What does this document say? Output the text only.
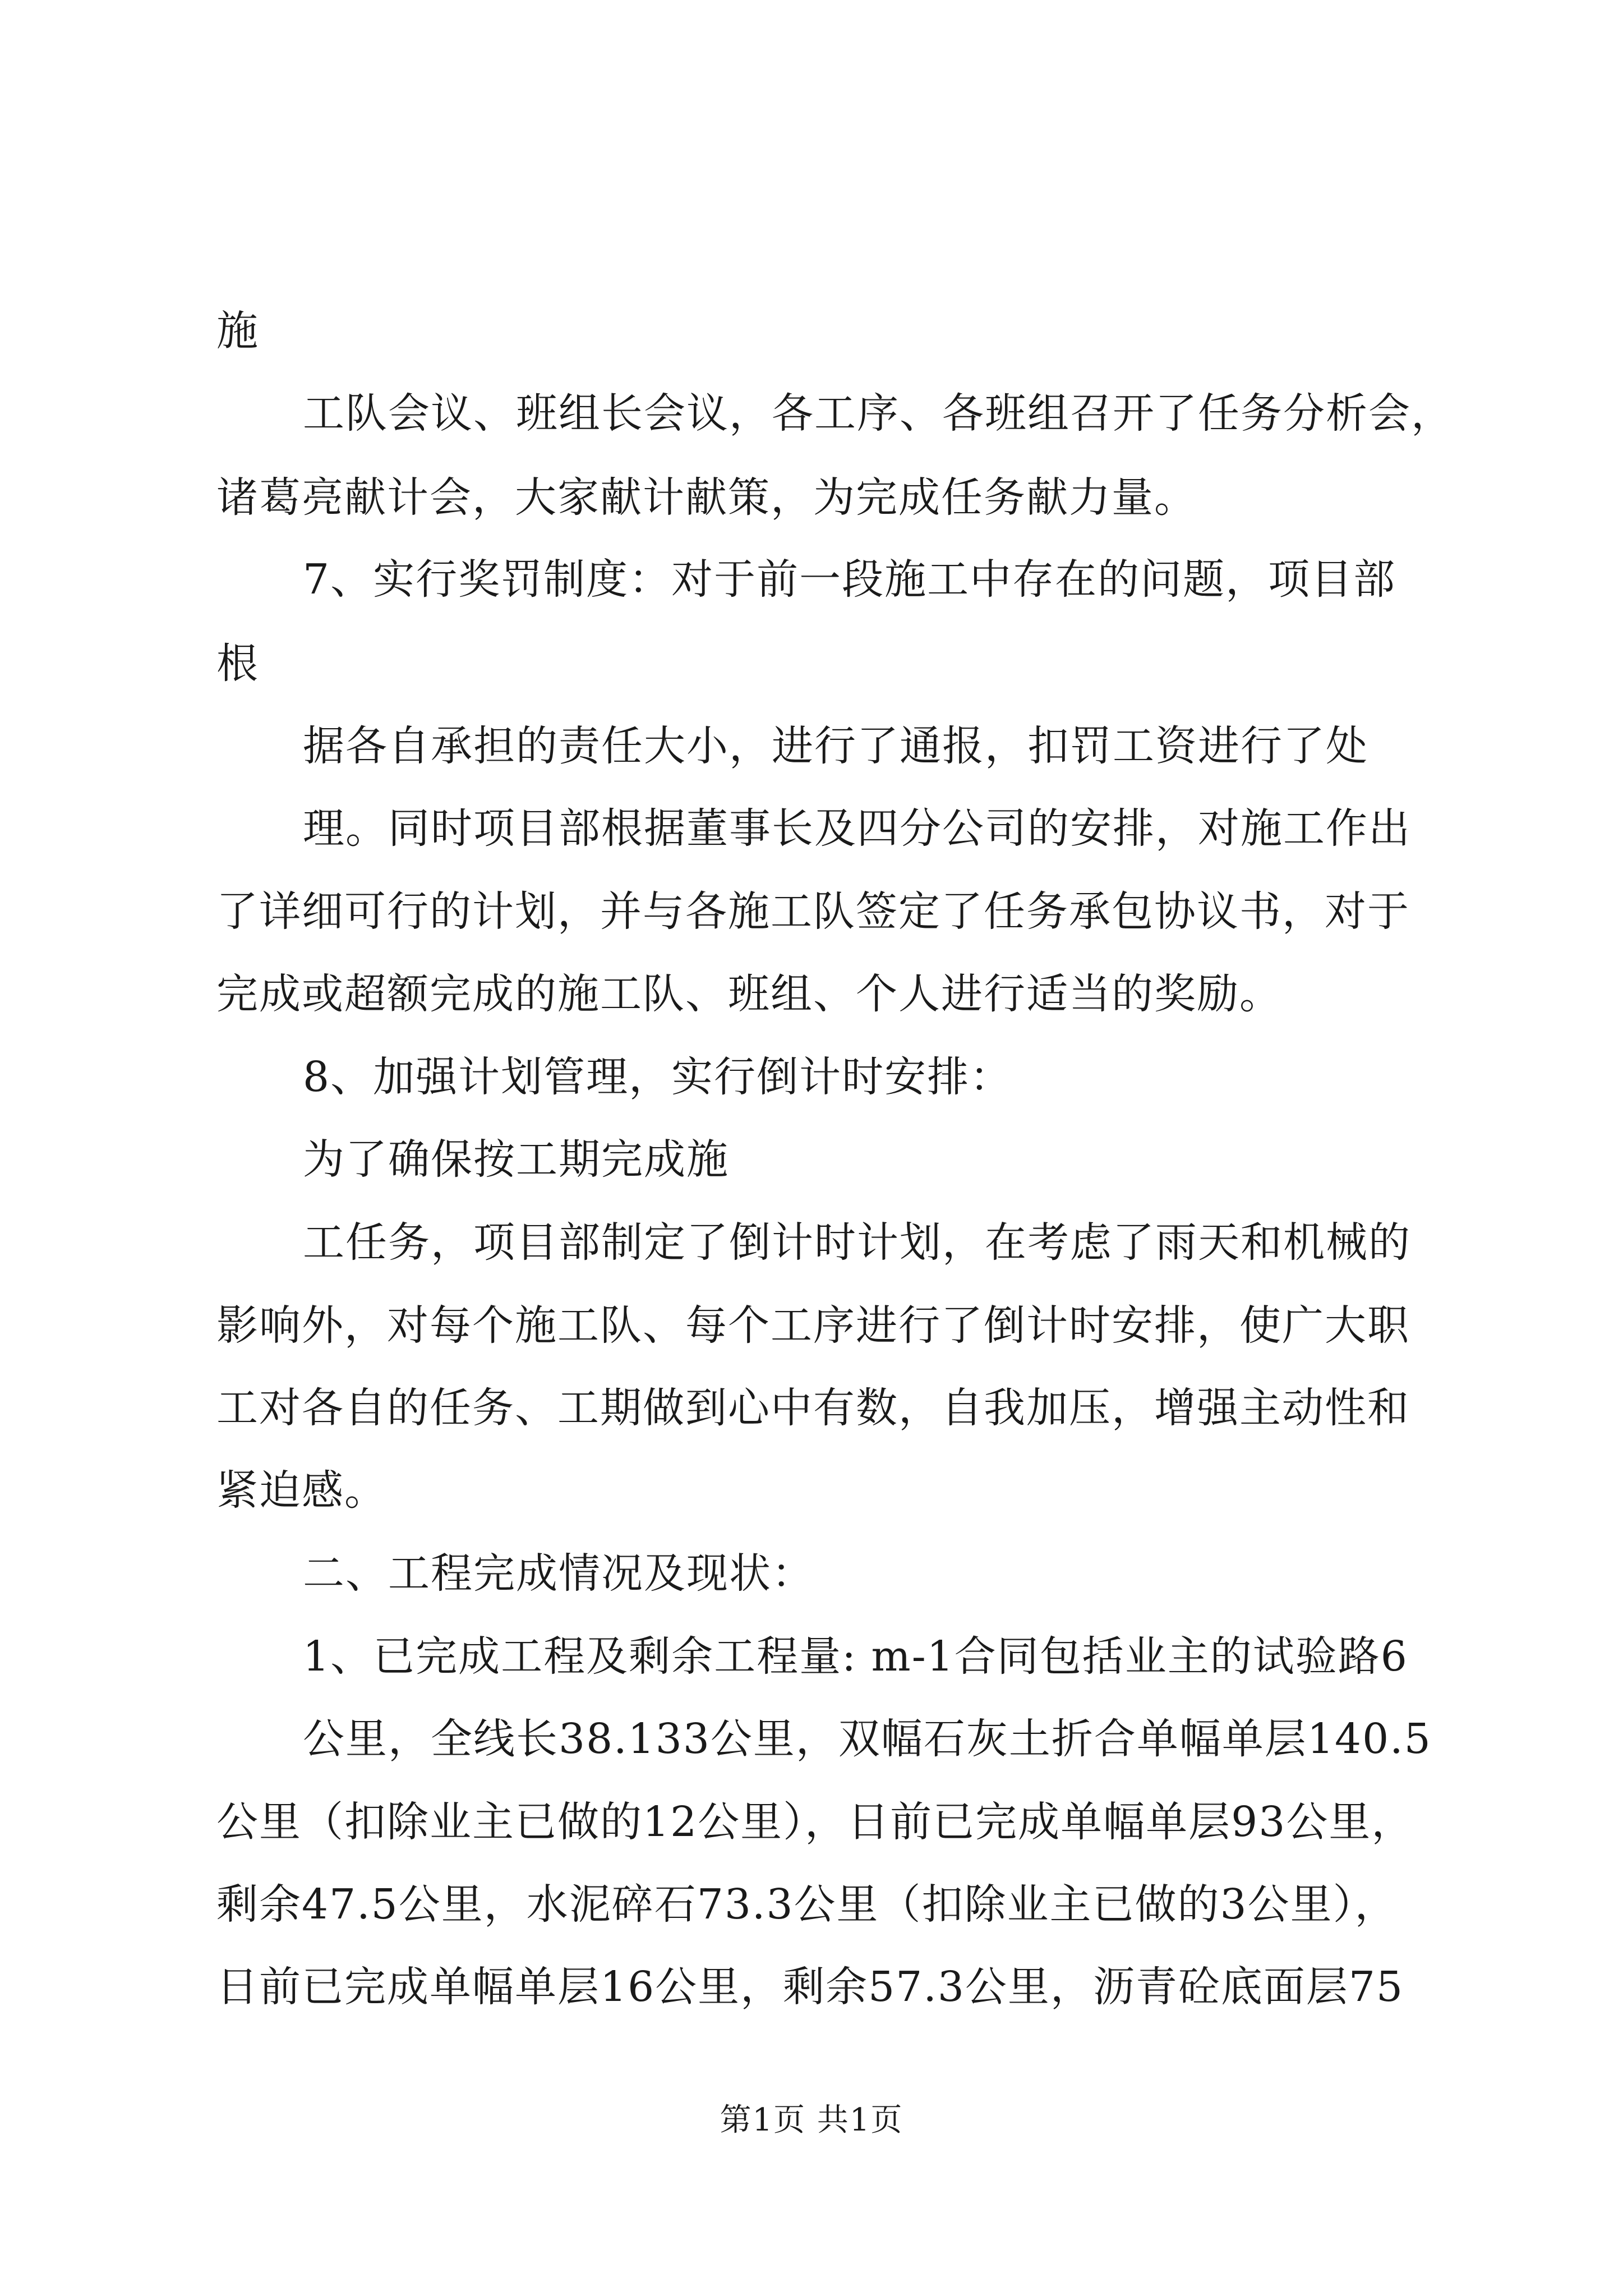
施
工队会议、班组长会议，各工序、各班组召开了任务分析会，
诸葛亮献计会，大家献计献策，为完成任务献力量。
7、实行奖罚制度：对于前一段施工中存在的问题，项目部
根
据各自承担的责任大小，进行了通报，扣罚工资进行了处
理。同时项目部根据董事长及四分公司的安排，对施工作出
了详细可行的计划，并与各施工队签定了任务承包协议书，对于
完成或超额完成的施工队、班组、个人进行适当的奖励。
8、加强计划管理，实行倒计时安排：
为了确保按工期完成施
工任务，项目部制定了倒计时计划，在考虑了雨天和机械的
影响外，对每个施工队、每个工序进行了倒计时安排，使广大职
工对各自的任务、工期做到心中有数，自我加压，增强主动性和
紧迫感。
二、工程完成情况及现状：
1、已完成工程及剩余工程量: m-1合同包括业主的试验路6
公里，全线长38.133公里，双幅石灰土折合单幅单层140.5
公里（扣除业主已做的12公里），日前已完成单幅单层93公里，
剩余47.5公里，水泥碎石73.3公里（扣除业主已做的3公里），
日前已完成单幅单层16公里，剩余57.3公里，沥青砼底面层75
第1页 共1页
